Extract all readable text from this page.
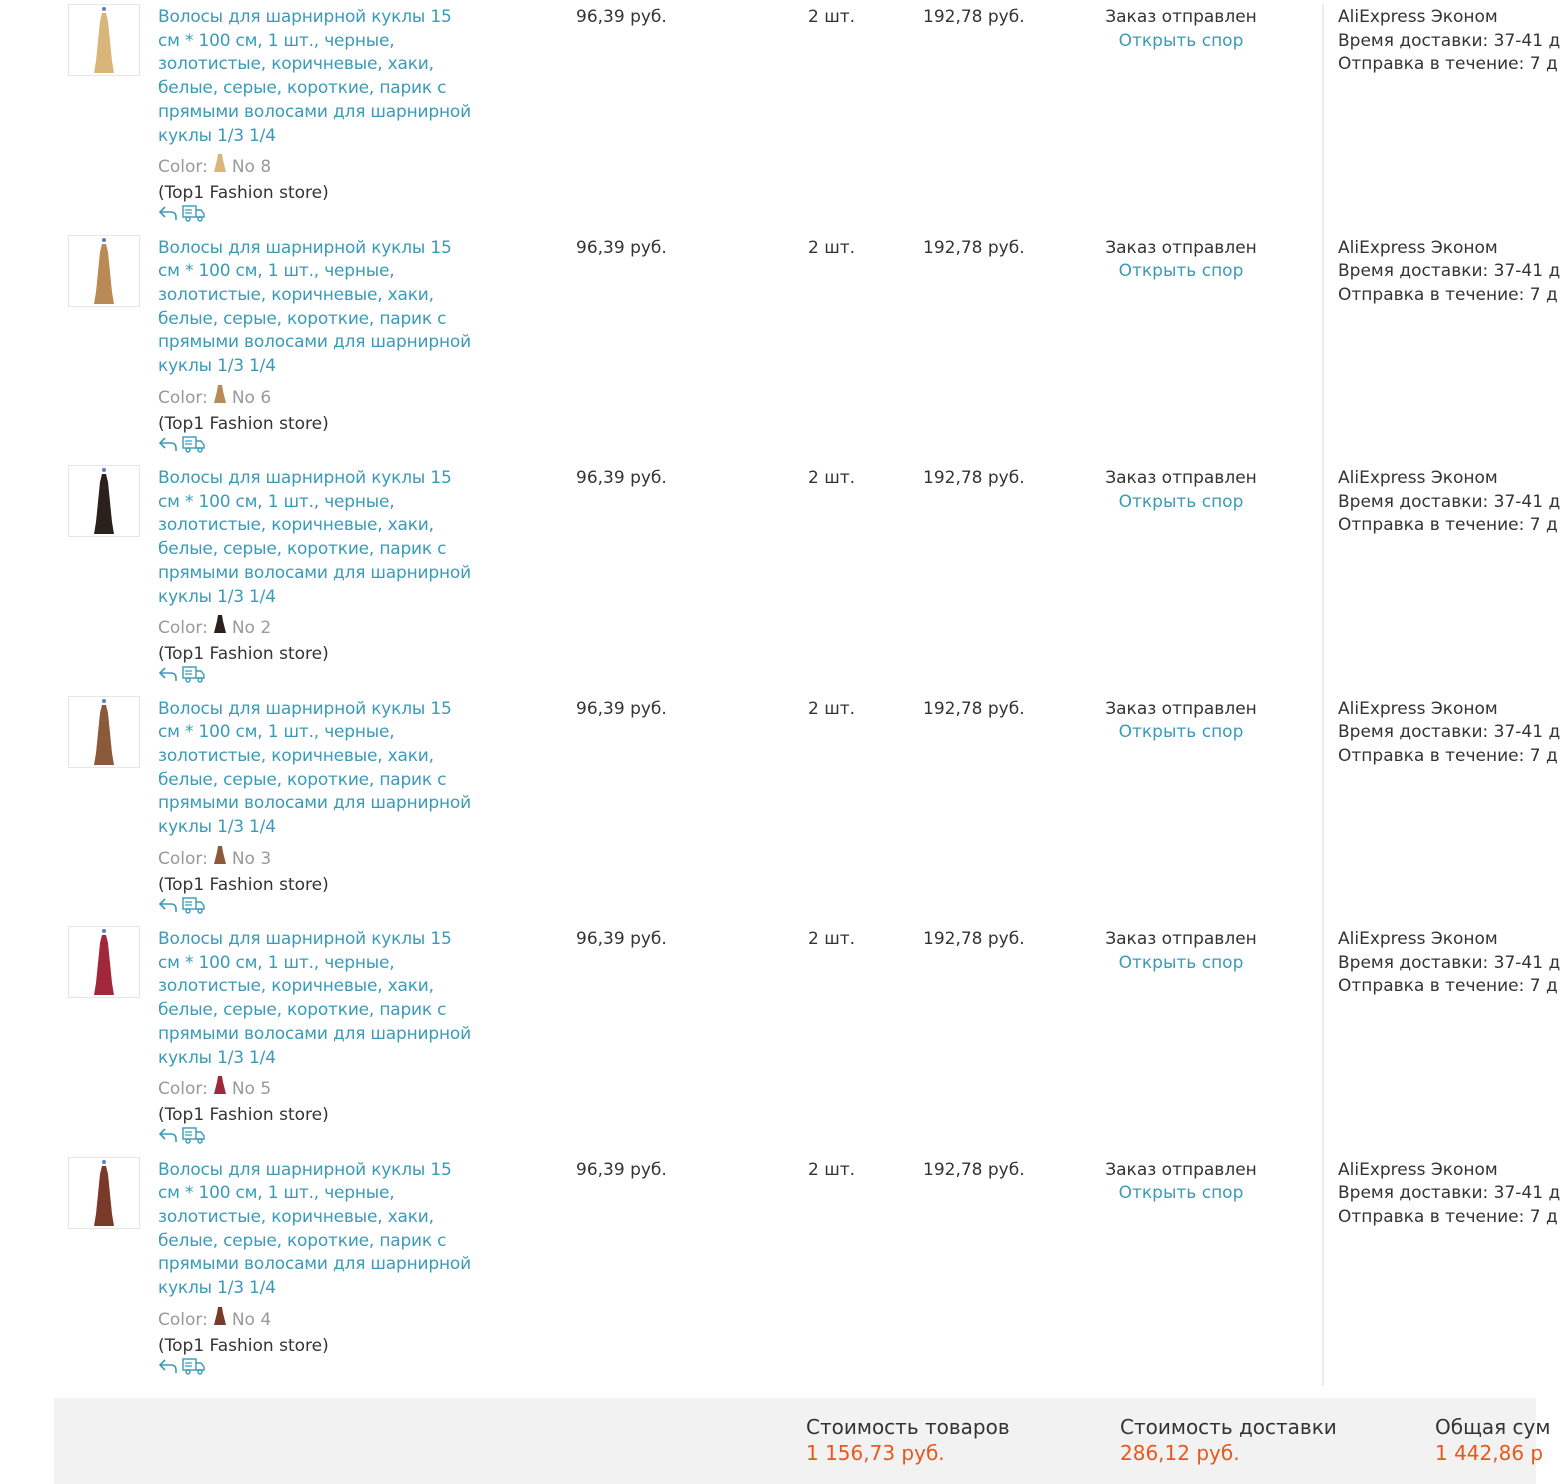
Волосы для шарнирной куклы 15 см * 100 см, 1 шт., черные, золотистые, коричневые, хаки, белые, серые, короткие, парик с прямыми волосами для шарнирной куклы 1/3 1/4
Color: No 8
(Top1 Fashion store)
96,39 руб.	2 шт.	192,78 руб.	Заказ отправлен
Открыть спор
AliExpress Эконом
Время доставки: 37-41 д
Отправка в течение: 7 д
Волосы для шарнирной куклы 15 см * 100 см, 1 шт., черные, золотистые, коричневые, хаки, белые, серые, короткие, парик с прямыми волосами для шарнирной куклы 1/3 1/4
Color: No 6
(Top1 Fashion store)
96,39 руб.	2 шт.	192,78 руб.	Заказ отправлен
Открыть спор
AliExpress Эконом
Время доставки: 37-41 д
Отправка в течение: 7 д
Волосы для шарнирной куклы 15 см * 100 см, 1 шт., черные, золотистые, коричневые, хаки, белые, серые, короткие, парик с прямыми волосами для шарнирной куклы 1/3 1/4
Color: No 2
(Top1 Fashion store)
96,39 руб.	2 шт.	192,78 руб.	Заказ отправлен
Открыть спор
AliExpress Эконом
Время доставки: 37-41 д
Отправка в течение: 7 д
Волосы для шарнирной куклы 15 см * 100 см, 1 шт., черные, золотистые, коричневые, хаки, белые, серые, короткие, парик с прямыми волосами для шарнирной куклы 1/3 1/4
Color: No 3
(Top1 Fashion store)
96,39 руб.	2 шт.	192,78 руб.	Заказ отправлен
Открыть спор
AliExpress Эконом
Время доставки: 37-41 д
Отправка в течение: 7 д
Волосы для шарнирной куклы 15 см * 100 см, 1 шт., черные, золотистые, коричневые, хаки, белые, серые, короткие, парик с прямыми волосами для шарнирной куклы 1/3 1/4
Color: No 5
(Top1 Fashion store)
96,39 руб.	2 шт.	192,78 руб.	Заказ отправлен
Открыть спор
AliExpress Эконом
Время доставки: 37-41 д
Отправка в течение: 7 д
Волосы для шарнирной куклы 15 см * 100 см, 1 шт., черные, золотистые, коричневые, хаки, белые, серые, короткие, парик с прямыми волосами для шарнирной куклы 1/3 1/4
Color: No 4
(Top1 Fashion store)
96,39 руб.	2 шт.	192,78 руб.	Заказ отправлен
Открыть спор
AliExpress Эконом
Время доставки: 37-41 д
Отправка в течение: 7 д
Стоимость товаров
1 156,73 руб.
Стоимость доставки
286,12 руб.
Общая сум
1 442,86 р
